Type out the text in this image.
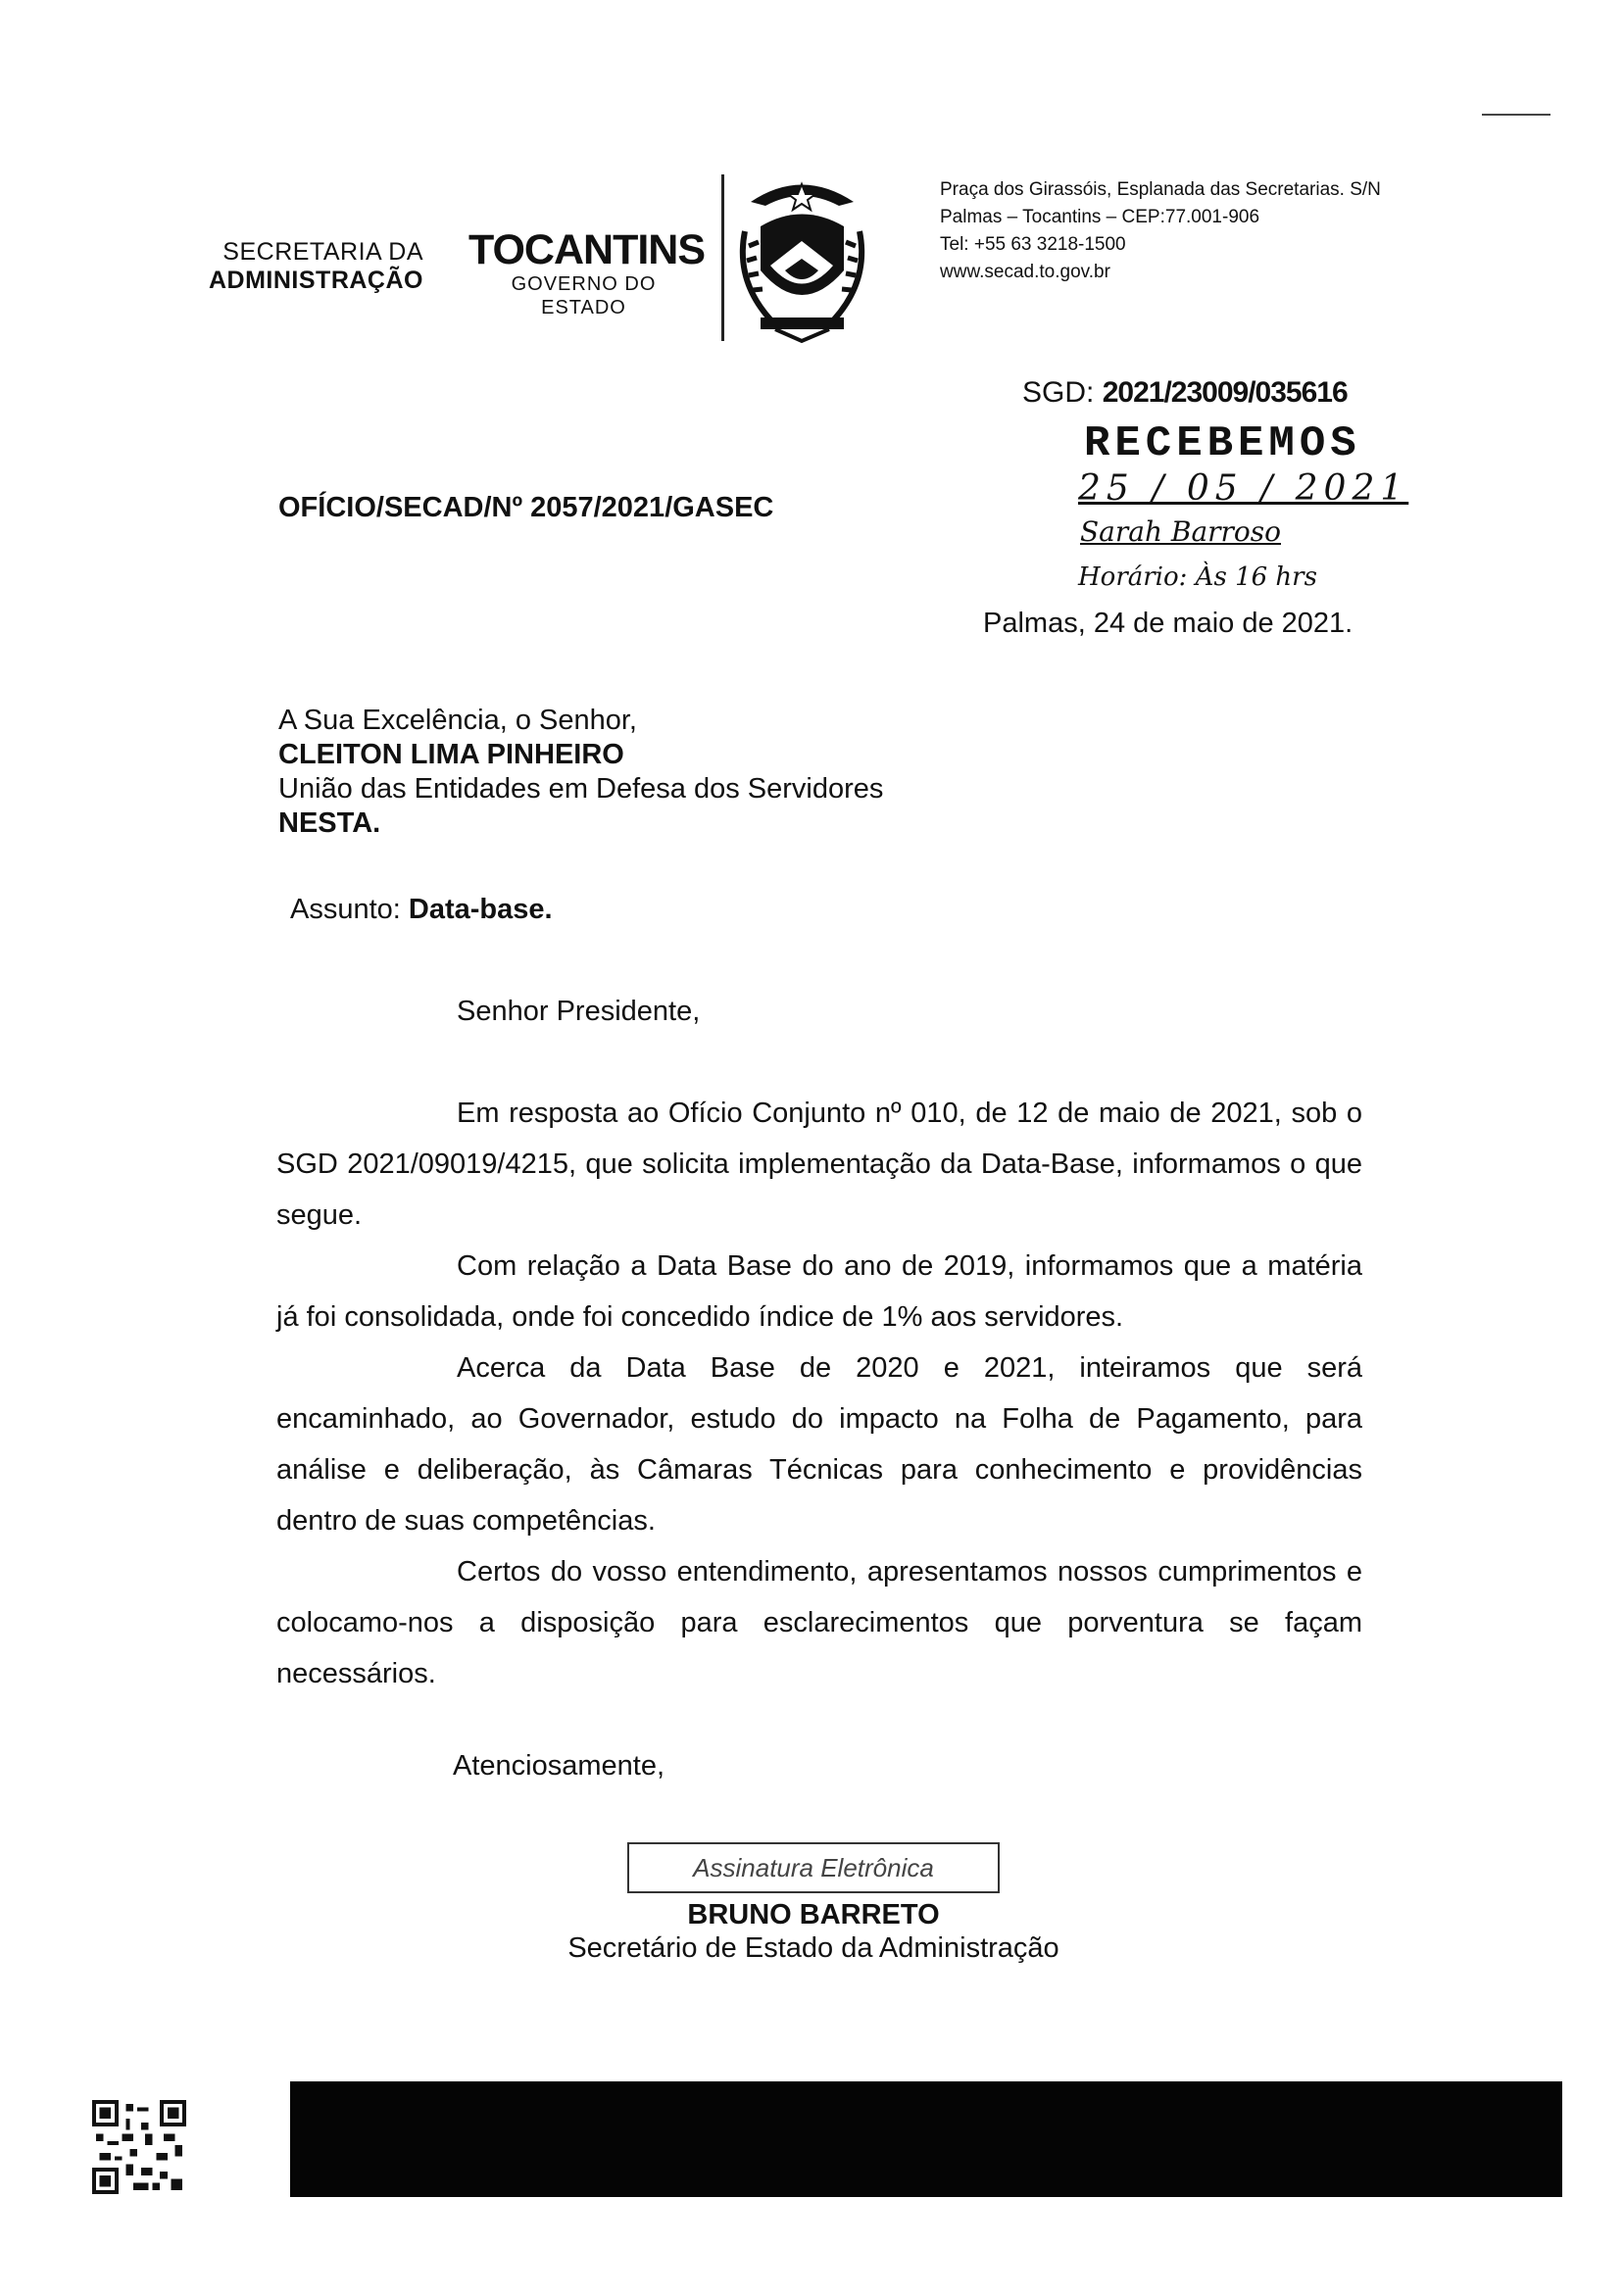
SECRETARIA DA
ADMINISTRAÇÃO
TOCANTINS
GOVERNO DO ESTADO
Praça dos Girassóis, Esplanada das Secretarias. S/N
Palmas – Tocantins – CEP:77.001-906
Tel: +55 63 3218-1500
www.secad.to.gov.br
SGD: 2021/23009/035616
RECEBEMOS
25 / 05 / 2021
Sarah Barroso
Horário: Às 16 hrs
OFÍCIO/SECAD/Nº 2057/2021/GASEC
Palmas, 24 de maio de 2021.
A Sua Excelência, o Senhor,
CLEITON LIMA PINHEIRO
União das Entidades em Defesa dos Servidores
NESTA.
Assunto: Data-base.
Senhor Presidente,

Em resposta ao Ofício Conjunto nº 010, de 12 de maio de 2021, sob o SGD 2021/09019/4215, que solicita implementação da Data-Base, informamos o que segue.

Com relação a Data Base do ano de 2019, informamos que a matéria já foi consolidada, onde foi concedido índice de 1% aos servidores.

Acerca da Data Base de 2020 e 2021, inteiramos que será encaminhado, ao Governador, estudo do impacto na Folha de Pagamento, para análise e deliberação, às Câmaras Técnicas para conhecimento e providências dentro de suas competências.

Certos do vosso entendimento, apresentamos nossos cumprimentos e colocamo-nos a disposição para esclarecimentos que porventura se façam necessários.

Atenciosamente,
Assinatura Eletrônica
BRUNO BARRETO
Secretário de Estado da Administração
